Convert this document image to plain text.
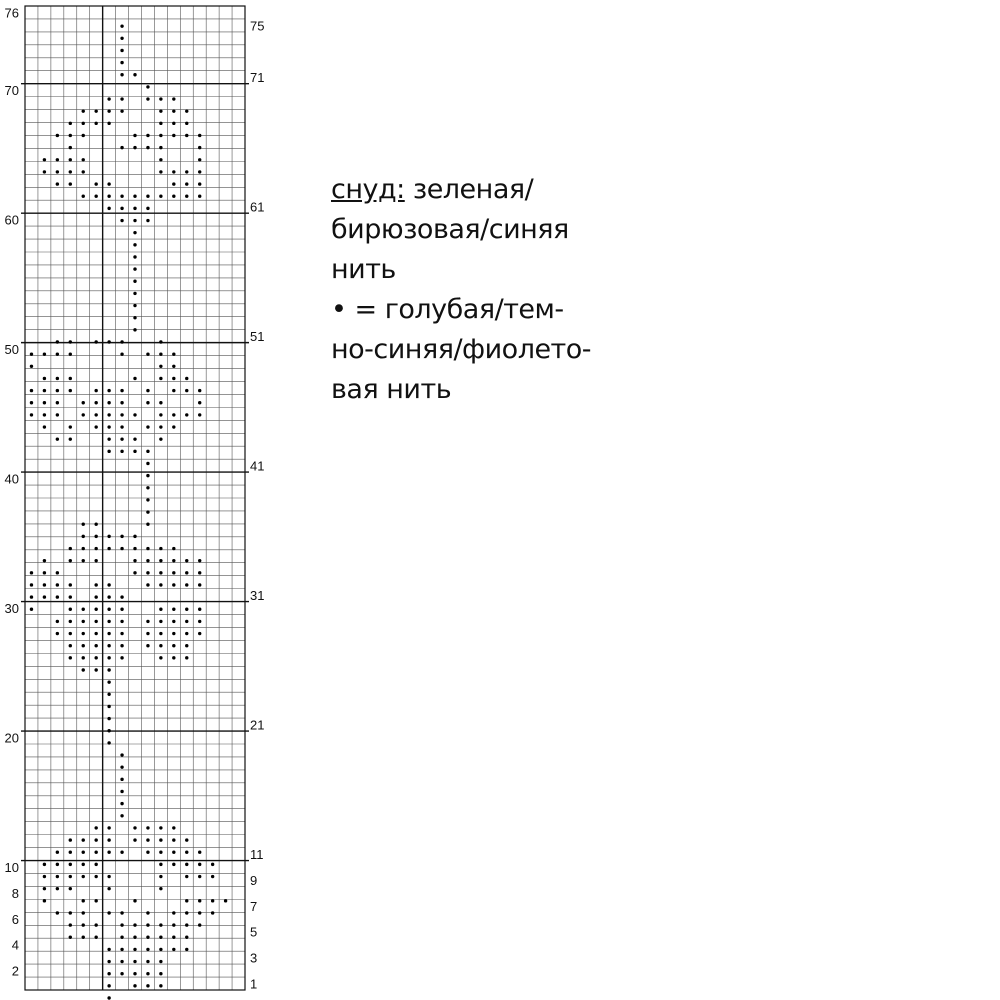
76
70
60
50
40
30
20
10
8
6
4
2
75
71
61
51
41
31
21
11
9
7
5
3
1
снуд: зеленая/
бирюзовая/синяя
нить
• = голубая/тем-
но-синяя/фиолето-
вая нить
